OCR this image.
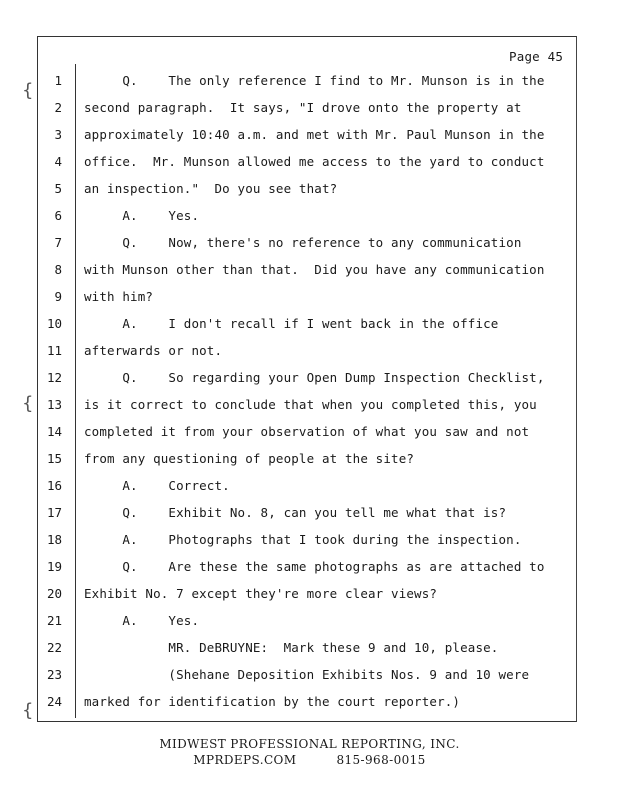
{
{
{
Page 45
1 Q.    The only reference I find to Mr. Munson is in the
2 second paragraph.  It says, "I drove onto the property at
3 approximately 10:40 a.m. and met with Mr. Paul Munson in the
4 office.  Mr. Munson allowed me access to the yard to conduct
5 an inspection."  Do you see that?
6 A.    Yes.
7 Q.    Now, there's no reference to any communication
8 with Munson other than that.  Did you have any communication
9 with him?
10 A.    I don't recall if I went back in the office
11 afterwards or not.
12 Q.    So regarding your Open Dump Inspection Checklist,
13 is it correct to conclude that when you completed this, you
14 completed it from your observation of what you saw and not
15 from any questioning of people at the site?
16 A.    Correct.
17 Q.    Exhibit No. 8, can you tell me what that is?
18 A.    Photographs that I took during the inspection.
19 Q.    Are these the same photographs as are attached to
20 Exhibit No. 7 except they're more clear views?
21 A.    Yes.
22 MR. DeBRUYNE:  Mark these 9 and 10, please.
23 (Shehane Deposition Exhibits Nos. 9 and 10 were
24 marked for identification by the court reporter.)
MIDWEST PROFESSIONAL REPORTING, INC.
MPRDEPS.COM	815-968-0015
